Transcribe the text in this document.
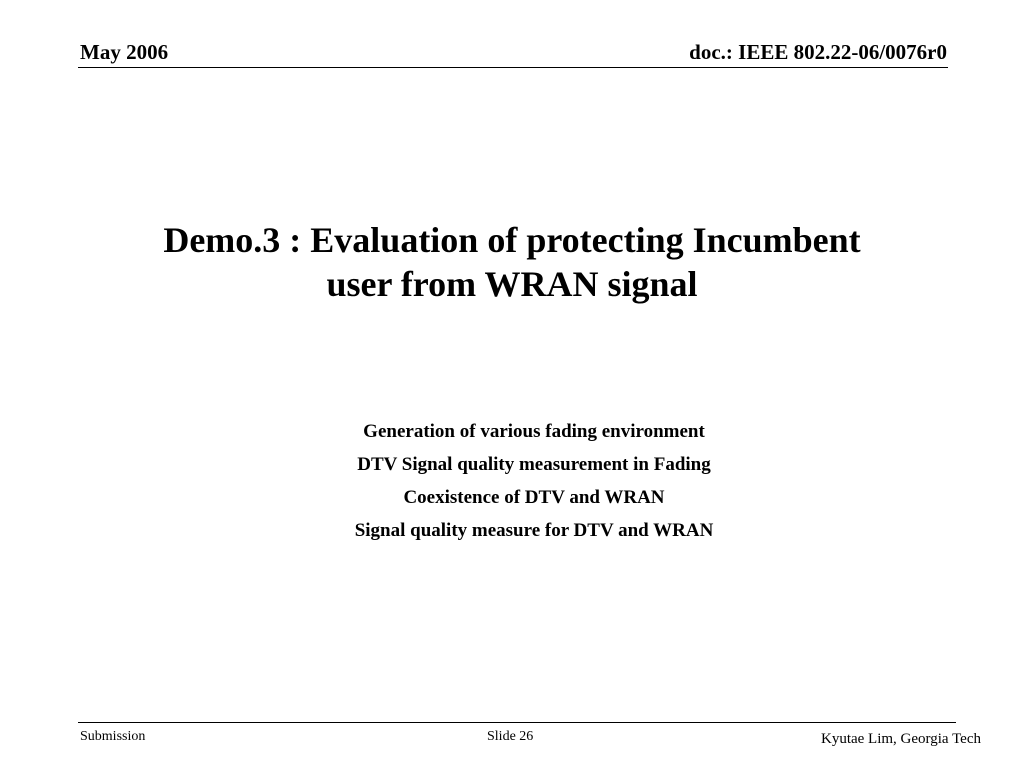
May 2006	doc.: IEEE 802.22-06/0076r0
Demo.3 : Evaluation of protecting Incumbent
user from WRAN signal
Generation of various fading environment
DTV Signal quality measurement in Fading
Coexistence of DTV and WRAN
Signal quality measure for DTV and WRAN
Submission	Slide 26	Kyutae Lim, Georgia Tech
